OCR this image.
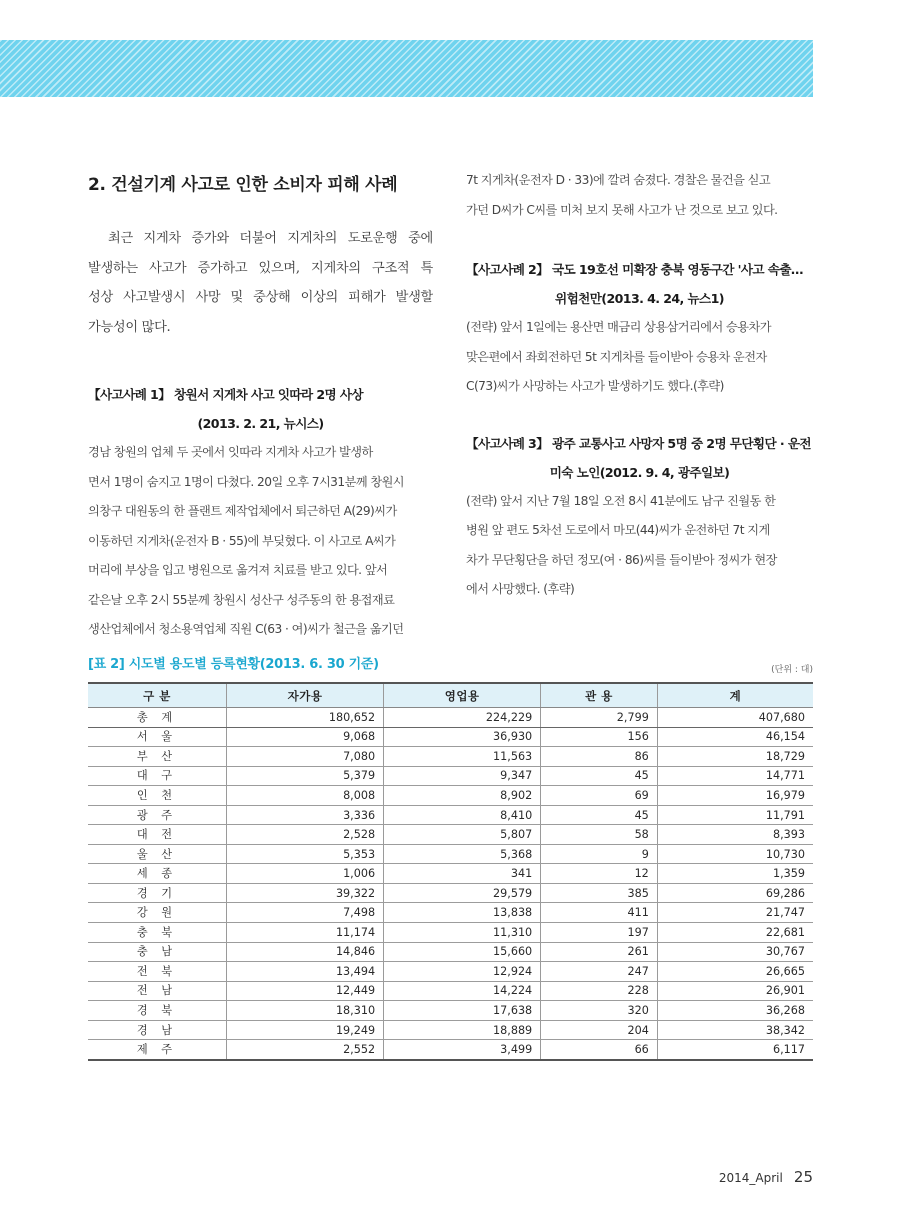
2. 건설기계 사고로 인한 소비자 피해 사례
최근 지게차 증가와 더불어 지게차의 도로운행 중에
발생하는 사고가 증가하고 있으며, 지게차의 구조적 특
성상 사고발생시 사망 및 중상해 이상의 피해가 발생할
가능성이 많다.
【사고사례 1】 창원서 지게차 사고 잇따라 2명 사상
(2013. 2. 21, 뉴시스)
경남 창원의 업체 두 곳에서 잇따라 지게차 사고가 발생하
면서 1명이 숨지고 1명이 다쳤다. 20일 오후 7시31분께 창원시
의창구 대원동의 한 플랜트 제작업체에서 퇴근하던 A(29)씨가
이동하던 지게차(운전자 B · 55)에 부딪혔다. 이 사고로 A씨가
머리에 부상을 입고 병원으로 옮겨져 치료를 받고 있다. 앞서
같은날 오후 2시 55분께 창원시 성산구 성주동의 한 용접재료
생산업체에서 청소용역업체 직원 C(63 · 여)씨가 철근을 옮기던
7t 지게차(운전자 D · 33)에 깔려 숨졌다. 경찰은 물건을 싣고
가던 D씨가 C씨를 미처 보지 못해 사고가 난 것으로 보고 있다.
【사고사례 2】 국도 19호선 미확장 충북 영동구간 '사고 속출…
위험천만(2013. 4. 24, 뉴스1)
(전략) 앞서 1일에는 용산면 매금리 상용삼거리에서 승용차가
맞은편에서 좌회전하던 5t 지게차를 들이받아 승용차 운전자
C(73)씨가 사망하는 사고가 발생하기도 했다.(후략)
【사고사례 3】 광주 교통사고 사망자 5명 중 2명 무단횡단 · 운전
미숙 노인(2012. 9. 4, 광주일보)
(전략) 앞서 지난 7월 18일 오전 8시 41분에도 남구 진월동 한
병원 앞 편도 5차선 도로에서 마모(44)씨가 운전하던 7t 지게
차가 무단횡단을 하던 정모(여 · 86)씨를 들이받아 정씨가 현장
에서 사망했다. (후략)
[표 2] 시도별 용도별 등록현황(2013. 6. 30 기준)	(단위 : 대)
구 분	자가용	영업용	관 용	계
총 계	180,652	224,229	2,799	407,680
서 울	9,068	36,930	156	46,154
부 산	7,080	11,563	86	18,729
대 구	5,379	9,347	45	14,771
인 천	8,008	8,902	69	16,979
광 주	3,336	8,410	45	11,791
대 전	2,528	5,807	58	8,393
울 산	5,353	5,368	9	10,730
세 종	1,006	341	12	1,359
경 기	39,322	29,579	385	69,286
강 원	7,498	13,838	411	21,747
충 북	11,174	11,310	197	22,681
충 남	14,846	15,660	261	30,767
전 북	13,494	12,924	247	26,665
전 남	12,449	14,224	228	26,901
경 북	18,310	17,638	320	36,268
경 남	19,249	18,889	204	38,342
제 주	2,552	3,499	66	6,117
2014_April 25
